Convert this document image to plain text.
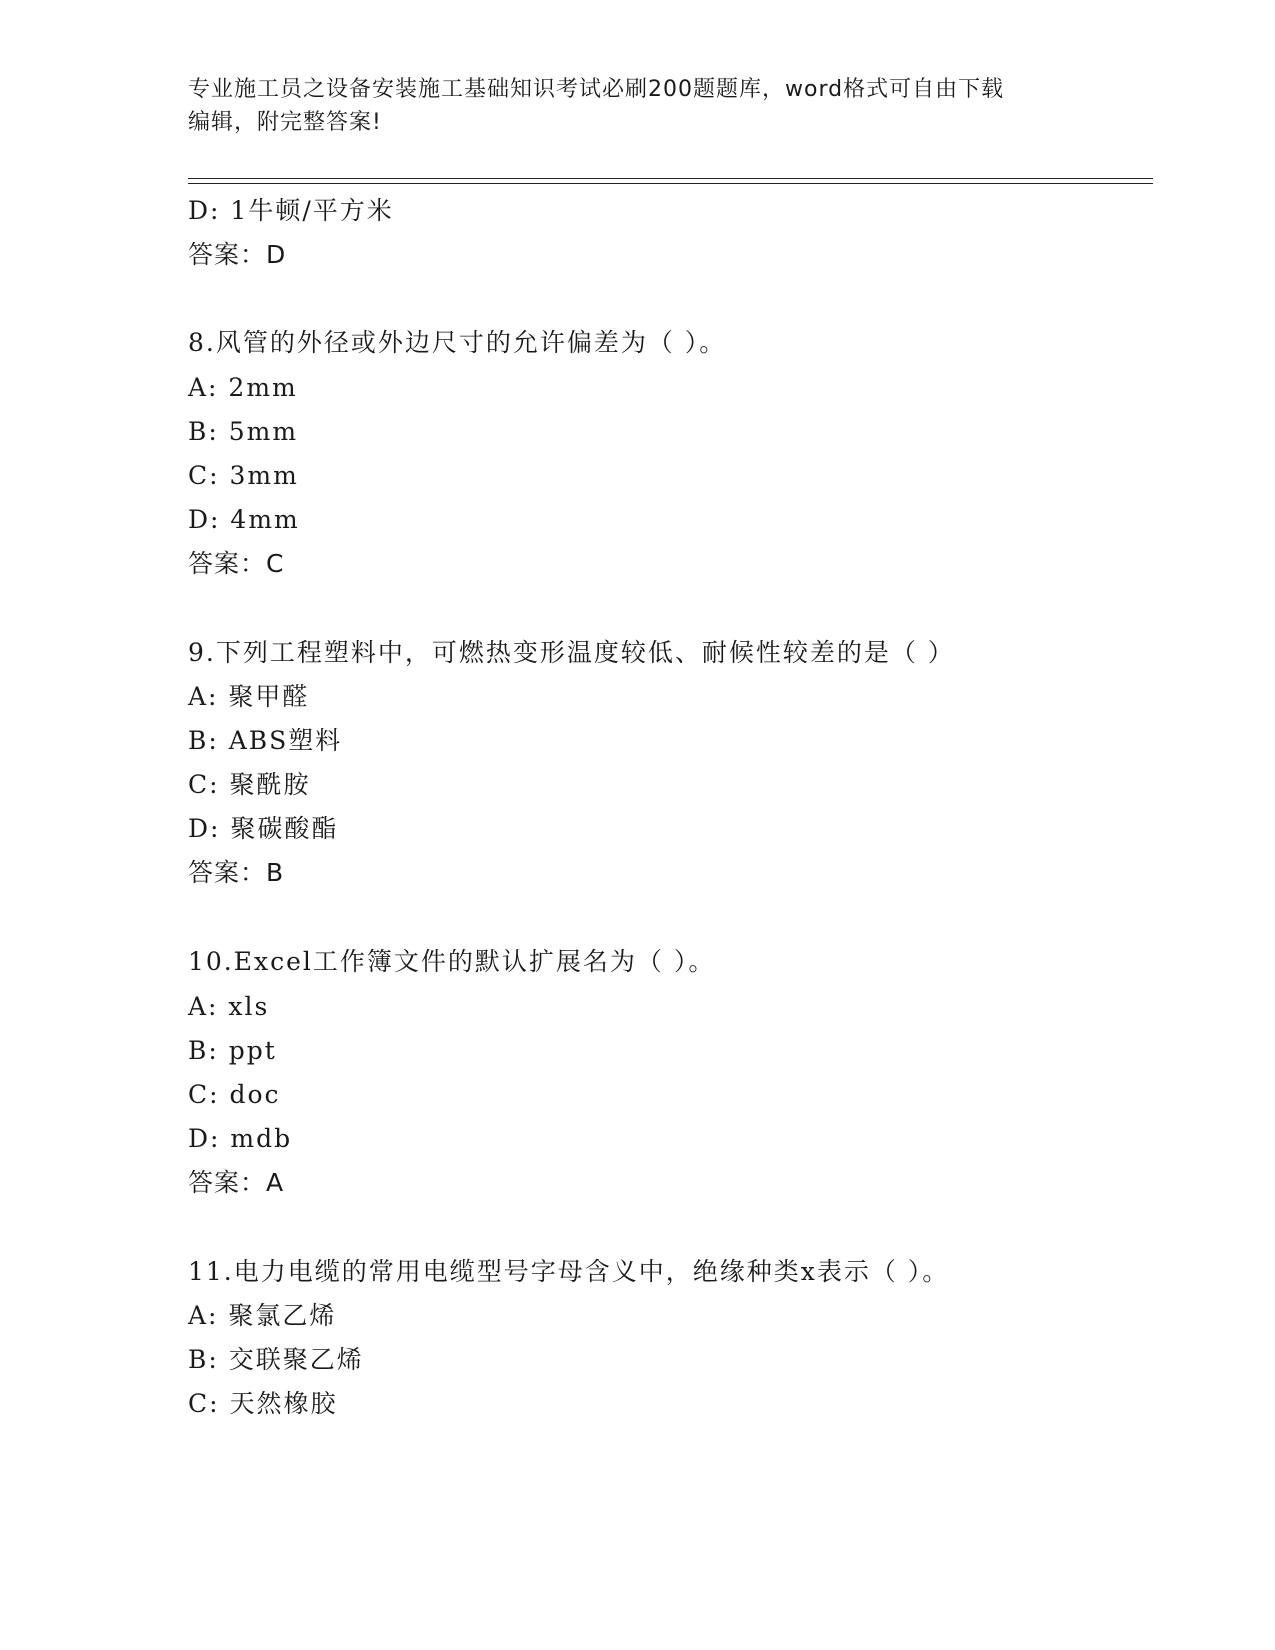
专业施工员之设备安装施工基础知识考试必刷200题题库，word格式可自由下载
编辑，附完整答案!
D: 1牛顿/平方米
答案：D
8.风管的外径或外边尺寸的允许偏差为（ ）。
A: 2mm
B: 5mm
C: 3mm
D: 4mm
答案：C
9.下列工程塑料中，可燃热变形温度较低、耐候性较差的是（ ）
A: 聚甲醛
B: ABS塑料
C: 聚酰胺
D: 聚碳酸酯
答案：B
10.Excel工作簿文件的默认扩展名为（ ）。
A: xls
B: ppt
C: doc
D: mdb
答案：A
11.电力电缆的常用电缆型号字母含义中，绝缘种类x表示（ ）。
A: 聚氯乙烯
B: 交联聚乙烯
C: 天然橡胶
